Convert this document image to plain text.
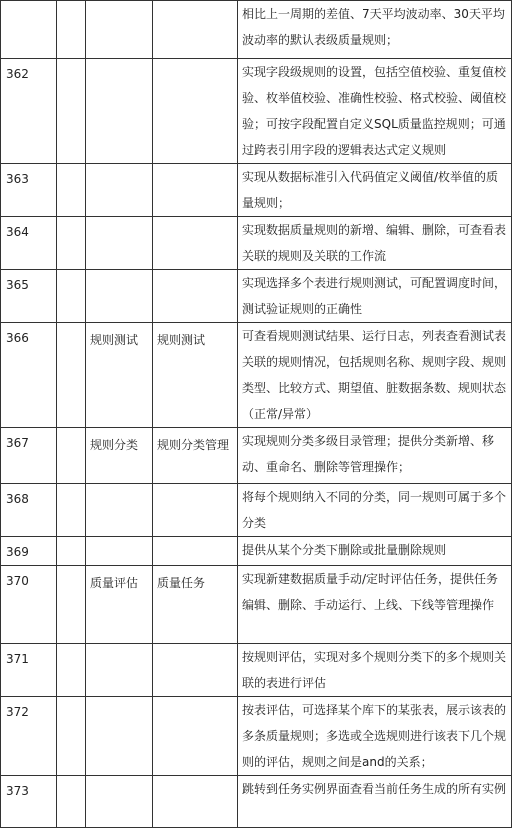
				相比上一周期的差值、7天平均波动率、30天平均波动率的默认表级质量规则；
362				实现字段级规则的设置，包括空值校验、重复值校验、枚举值校验、准确性校验、格式校验、阈值校验；可按字段配置自定义SQL质量监控规则；可通过跨表引用字段的逻辑表达式定义规则
363				实现从数据标准引入代码值定义阈值/枚举值的质量规则；
364				实现数据质量规则的新增、编辑、删除，可查看表关联的规则及关联的工作流
365				实现选择多个表进行规则测试，可配置调度时间，测试验证规则的正确性
366		规则测试	规则测试	可查看规则测试结果、运行日志，列表查看测试表关联的规则情况，包括规则名称、规则字段、规则类型、比较方式、期望值、脏数据条数、规则状态（正常/异常）
367		规则分类	规则分类管理	实现规则分类多级目录管理；提供分类新增、移动、重命名、删除等管理操作；
368				将每个规则纳入不同的分类，同一规则可属于多个分类
369				提供从某个分类下删除或批量删除规则
370		质量评估	质量任务	实现新建数据质量手动/定时评估任务，提供任务编辑、删除、手动运行、上线、下线等管理操作
371				按规则评估，实现对多个规则分类下的多个规则关联的表进行评估
372				按表评估，可选择某个库下的某张表，展示该表的多条质量规则；多选或全选规则进行该表下几个规则的评估，规则之间是and的关系；
373				跳转到任务实例界面查看当前任务生成的所有实例
